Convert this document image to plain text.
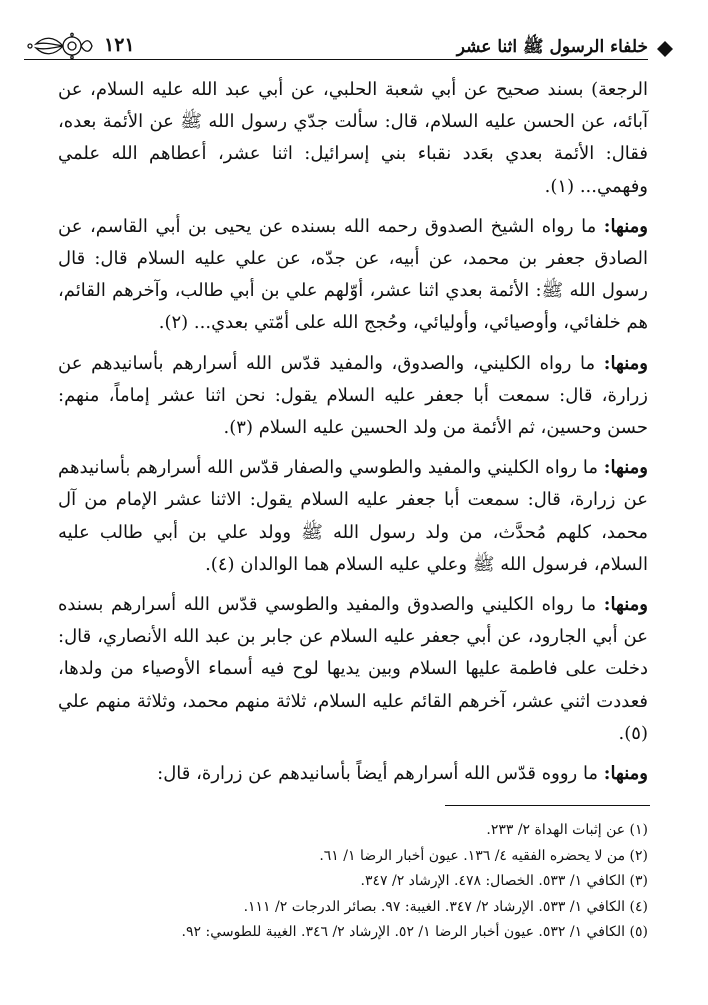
١٢١	خلفاء الرسول ﷺ اثنا عشر

الرجعة) بسند صحيح عن أبي شعبة الحلبي، عن أبي عبد الله عليه السلام، عن آبائه، عن الحسن عليه السلام، قال: سألت جدّي رسول الله ﷺ عن الأئمة بعده، فقال: الأئمة بعدي بعَدد نقباء بني إسرائيل: اثنا عشر، أعطاهم الله علمي وفهمي... (١).

ومنها: ما رواه الشيخ الصدوق رحمه الله بسنده عن يحيى بن أبي القاسم، عن الصادق جعفر بن محمد، عن أبيه، عن جدّه، عن علي عليه السلام قال: قال رسول الله ﷺ: الأئمة بعدي اثنا عشر، أوّلهم علي بن أبي طالب، وآخرهم القائم، هم خلفائي، وأوصيائي، وأوليائي، وحُجج الله على أمّتي بعدي... (٢).

ومنها: ما رواه الكليني، والصدوق، والمفيد قدّس الله أسرارهم بأسانيدهم عن زرارة، قال: سمعت أبا جعفر عليه السلام يقول: نحن اثنا عشر إماماً، منهم: حسن وحسين، ثم الأئمة من ولد الحسين عليه السلام (٣).

ومنها: ما رواه الكليني والمفيد والطوسي والصفار قدّس الله أسرارهم بأسانيدهم عن زرارة، قال: سمعت أبا جعفر عليه السلام يقول: الاثنا عشر الإمام من آل محمد، كلهم مُحدَّث، من ولد رسول الله ﷺ وولد علي بن أبي طالب عليه السلام، فرسول الله ﷺ وعلي عليه السلام هما الوالدان (٤).

ومنها: ما رواه الكليني والصدوق والمفيد والطوسي قدّس الله أسرارهم بسنده عن أبي الجارود، عن أبي جعفر عليه السلام عن جابر بن عبد الله الأنصاري، قال: دخلت على فاطمة عليها السلام وبين يديها لوح فيه أسماء الأوصياء من ولدها، فعددت اثني عشر، آخرهم القائم عليه السلام، ثلاثة منهم محمد، وثلاثة منهم علي (٥).

ومنها: ما رووه قدّس الله أسرارهم أيضاً بأسانيدهم عن زرارة، قال:

(١) عن إثبات الهداة ٢/ ٢٣٣.
(٢) من لا يحضره الفقيه ٤/ ١٣٦. عيون أخبار الرضا ١/ ٦١.
(٣) الكافي ١/ ٥٣٣. الخصال: ٤٧٨. الإرشاد ٢/ ٣٤٧.
(٤) الكافي ١/ ٥٣٣. الإرشاد ٢/ ٣٤٧. الغيبة: ٩٧. بصائر الدرجات ٢/ ١١١.
(٥) الكافي ١/ ٥٣٢. عيون أخبار الرضا ١/ ٥٢. الإرشاد ٢/ ٣٤٦. الغيبة للطوسي: ٩٢.
